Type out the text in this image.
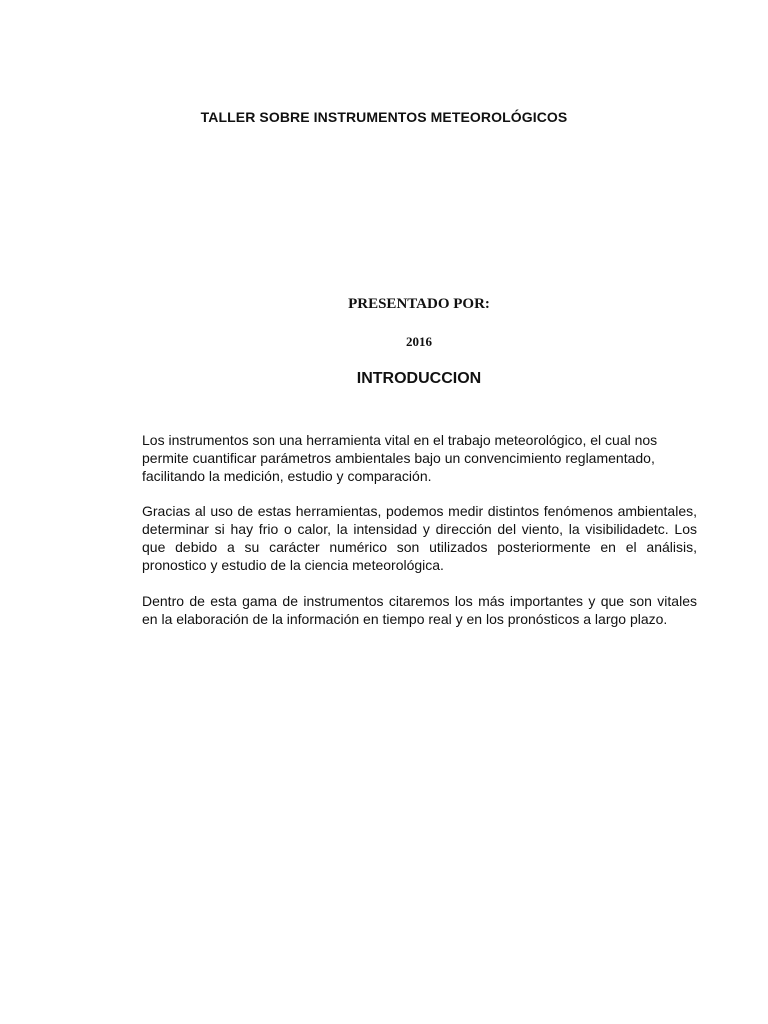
TALLER SOBRE INSTRUMENTOS METEOROLÓGICOS
PRESENTADO POR:
2016
INTRODUCCION

Los instrumentos son una herramienta vital en el trabajo meteorológico, el cual nos permite cuantificar parámetros ambientales bajo un convencimiento reglamentado, facilitando la medición, estudio y comparación.

Gracias al uso de estas herramientas, podemos medir distintos fenómenos ambientales, determinar si hay frio o calor, la intensidad y dirección del viento, la visibilidadetc. Los que debido a su carácter numérico son utilizados posteriormente en el análisis, pronostico y estudio de la ciencia meteorológica.

Dentro de esta gama de instrumentos citaremos los más importantes y que son vitales en la elaboración de la información en tiempo real y en los pronósticos a largo plazo.
